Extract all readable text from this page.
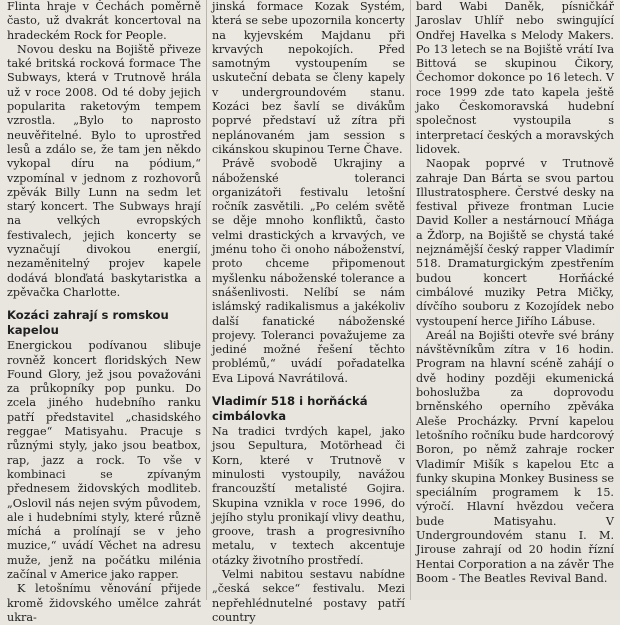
Flinta hraje v Čechách poměrně často, už dvakrát koncertoval na hradeckém Rock for People.

Novou desku na Bojiště přiveze také britská rocková formace The Subways, která v Trutnově hrála už v roce 2008. Od té doby jejich popularita raketovým tempem vzrostla. „Bylo to naprosto neuvěřitelné. Bylo to uprostřed lesů a zdálo se, že tam jen někdo vykopal díru na pódium,“ vzpomínal v jednom z rozhovorů zpěvák Billy Lunn na sedm let starý koncert. The Subways hrají na velkých evropských festivalech, jejich koncerty se vyznačují divokou energií, nezaměnitelný projev kapele dodává blonďatá baskytaristka a zpěvačka Charlotte.

Kozáci zahrají s romskou kapelou

Energickou podívanou slibuje rovněž koncert floridských New Found Glory, jež jsou považováni za průkopníky pop punku. Do zcela jiného hudebního ranku patří představitel „chasidského reggae“ Matisyahu. Pracuje s různými styly, jako jsou beatbox, rap, jazz a rock. To vše v kombinaci se zpívaným přednesem židovských modliteb. „Oslovil nás nejen svým původem, ale i hudebními styly, které různě míchá a prolínají se v jeho muzice,“ uvádí Věchet na adresu muže, jenž na počátku milénia začínal v Americe jako rapper.

K letošnímu věnování přijede kromě židovského umělce zahrát ukra-

jinská formace Kozak Systém, která se sebe upozornila koncerty na kyjevském Majdanu při krvavých nepokojích. Před samotným vystoupením se uskuteční debata se členy kapely v undergroundovém stanu. Kozáci bez šavlí se divákům poprvé představí už zítra při neplánovaném jam session s cikánskou skupinou Terne Čhave.

Právě svobodě Ukrajiny a náboženské toleranci organizátoři festivalu letošní ročník zasvětili. „Po celém světě se děje mnoho konfliktů, často velmi drastických a krvavých, ve jménu toho či onoho náboženství, proto chceme připomenout myšlenku náboženské tolerance a snášenlivosti. Nelíbí se nám islámský radikalismus a jakékoliv další fanatické náboženské projevy. Toleranci považujeme za jediné možné řešení těchto problémů,“ uvádí pořadatelka Eva Lipová Navrátilová.

Vladimír 518 i horňácká cimbálovka

Na tradici tvrdých kapel, jako jsou Sepultura, Motörhead či Korn, které v Trutnově v minulosti vystoupily, navážou francouzští metalisté Gojira. Skupina vznikla v roce 1996, do jejího stylu pronikají vlivy deathu, groove, trash a progresivního metalu, v textech akcentuje otázky životního prostředí.

Velmi nabitou sestavu nabídne „česká sekce“ festivalu. Mezi nepřehlédnutelné postavy patří country

bard Wabi Daněk, písničkář Jaroslav Uhlíř nebo swingující Ondřej Havelka s Melody Makers. Po 13 letech se na Bojiště vrátí Iva Bittová se skupinou Čikory, Čechomor dokonce po 16 letech. V roce 1999 zde tato kapela ještě jako Českomoravská hudební společnost vystoupila s interpretací českých a moravských lidovek.

Naopak poprvé v Trutnově zahraje Dan Bárta se svou partou Illustratosphere. Čerstvé desky na festival přiveze frontman Lucie David Koller a nestárnoucí Mňága a Žďorp, na Bojiště se chystá také nejznámější český rapper Vladimír 518. Dramaturgickým zpestřením budou koncert Horňácké cimbálové muziky Petra Mičky, dívčího souboru z Kozojídek nebo vystoupení herce Jiřího Lábuse.

Areál na Bojišti otevře své brány návštěvníkům zítra v 16 hodin. Program na hlavní scéně zahájí o dvě hodiny později ekumenická bohoslužba za doprovodu brněnského operního zpěváka Aleše Procházky. První kapelou letošního ročníku bude hardcorový Boron, po němž zahraje rocker Vladimír Mišík s kapelou Etc a funky skupina Monkey Business se speciálním programem k 15. výročí. Hlavní hvězdou večera bude Matisyahu. V Undergroundovém stanu I. M. Jirouse zahrají od 20 hodin řízní Hentai Corporation a na závěr The Boom - The Beatles Revival Band.
